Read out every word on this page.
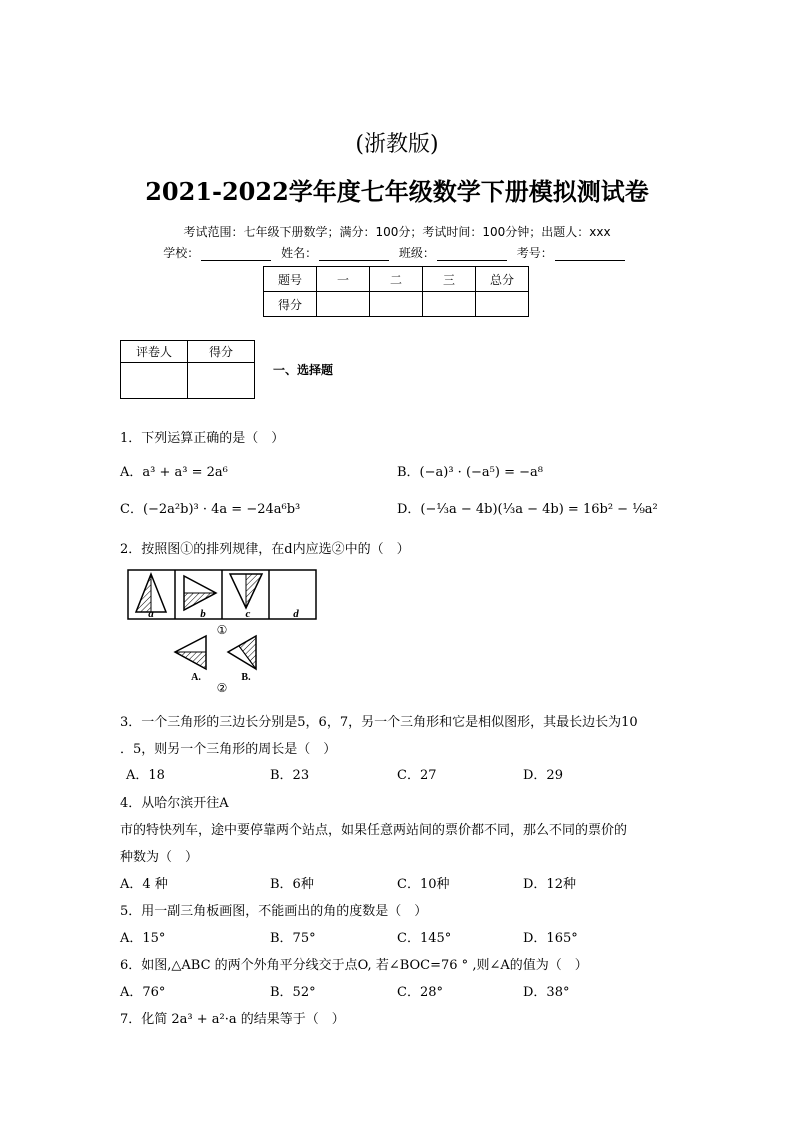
(浙教版)
2021-2022学年度七年级数学下册模拟测试卷
考试范围：七年级下册数学；满分：100分；考试时间：100分钟；出题人：xxx
学校：	姓名：	班级：	考号：
题号	一	二	三	总分
得分				
评卷人	得分

一、选择题
1．下列运算正确的是（　）
A．a³ + a³ = 2a⁶	B．(−a)³ · (−a⁵) = −a⁸
C．(−2a²b)³ · 4a = −24a⁶b³	D．(−⅓a − 4b)(⅓a − 4b) = 16b² − ⅑a²
2．按照图①的排列规律，在d内应选②中的（　）
a	b	c	d
①
A.	B.
②
3．一个三角形的三边长分别是5，6，7，另一个三角形和它是相似图形，其最长边长为10
．5，则另一个三角形的周长是（　）
A．18	B．23	C．27	D．29
4．从哈尔滨开往A
市的特快列车，途中要停靠两个站点，如果任意两站间的票价都不同，那么不同的票价的
种数为（　）
A．4 种	B．6种	C．10种	D．12种
5．用一副三角板画图，不能画出的角的度数是（　）
A．15°	B．75°	C．145°	D．165°
6．如图,△ABC 的两个外角平分线交于点O, 若∠BOC=76 ° ,则∠A的值为（　）
A．76°	B．52°	C．28°	D．38°
7．化简 2a³ + a²·a 的结果等于（　）
